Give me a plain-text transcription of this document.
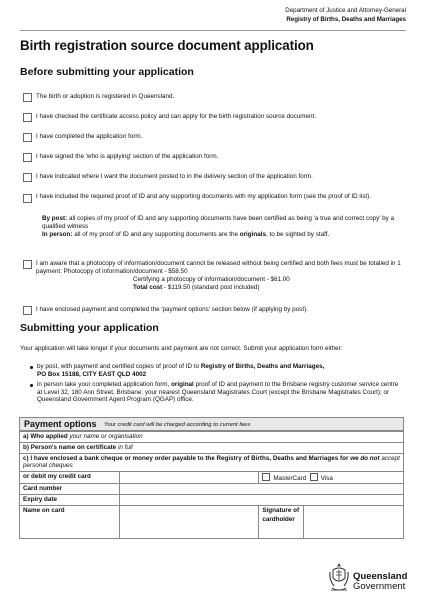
Department of Justice and Attorney-General
Registry of Births, Deaths and Marriages
Birth registration source document application
Before submitting your application
The birth or adoption is registered in Queensland.
I have checked the certificate access policy and can apply for the birth registration source document.
I have completed the application form.
I have signed the 'who is applying' section of the application form.
I have indicated where I want the document posted to in the delivery section of the application form.
I have included the required proof of ID and any supporting documents with my application form (see the proof of ID list).
By post: all copies of my proof of ID and any supporting documents have been certified as being 'a true and correct copy' by a qualified witness
In person: all of my proof of ID and any supporting documents are the originals, to be sighted by staff.
I am aware that a photocopy of information/document cannot be released without being certified and both fees must be totalled in 1 payment: Photocopy of information/document - $58.50
Certifying a photocopy of information/document - $61.00
Total cost - $119.50 (standard post included)
I have enclosed payment and completed the 'payment options' section below (if applying by post).
Submitting your application
Your application will take longer if your documents and payment are not correct. Submit your application form either:
by post, with payment and certified copies of proof of ID to Registry of Births, Deaths and Marriages,
PO Box 15188, CITY EAST QLD 4002
in person take your completed application form, original proof of ID and payment to the Brisbane registry customer service centre at Level 32, 180 Ann Street, Brisbane; your nearest Queensland Magistrates Court (except the Brisbane Magistrates Court); or Queensland Government Agent Program (QGAP) office.
Payment options Your credit card will be charged according to current fees
a) Who applied your name or organisation			
b) Person's name on certificate in full			
c) I have enclosed a bank cheque or money order payable to the Registry of Births, Deaths and Marriages for we do not accept personal cheques			
or debit my credit card		MasterCard Visa	
Card number			
Expiry date			
Name on card		Signature of cardholder	
Queensland
Government
